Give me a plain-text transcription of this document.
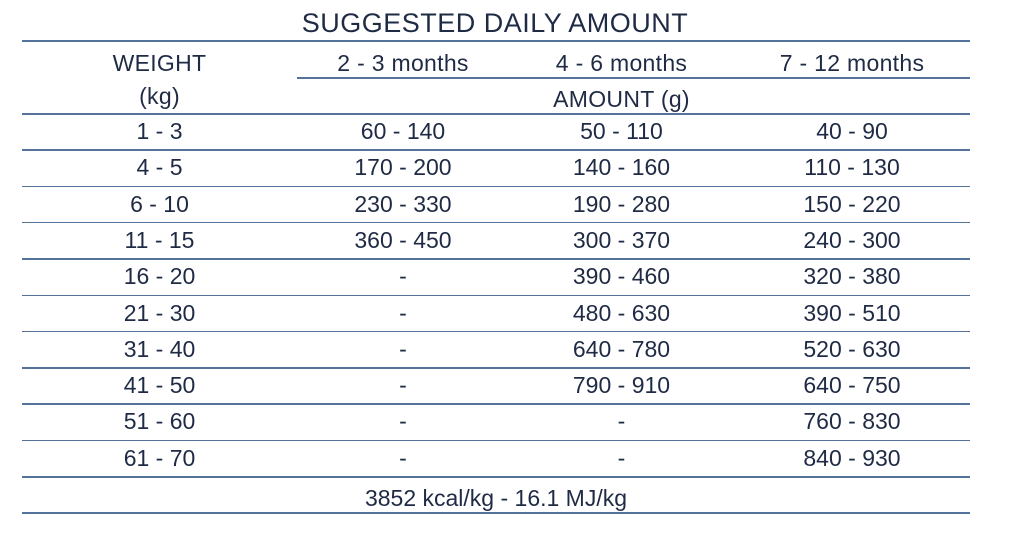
SUGGESTED DAILY AMOUNT
WEIGHT
(kg)
2 - 3 months	4 - 6 months	7 - 12 months
AMOUNT (g)
1 - 3	60 - 140	50 - 110	40 - 90
4 - 5	170 - 200	140 - 160	110 - 130
6 - 10	230 - 330	190 - 280	150 - 220
11 - 15	360 - 450	300 - 370	240 - 300
16 - 20	-	390 - 460	320 - 380
21 - 30	-	480 - 630	390 - 510
31 - 40	-	640 - 780	520 - 630
41 - 50	-	790 - 910	640 - 750
51 - 60	-	-	760 - 830
61 - 70	-	-	840 - 930
3852 kcal/kg - 16.1 MJ/kg
